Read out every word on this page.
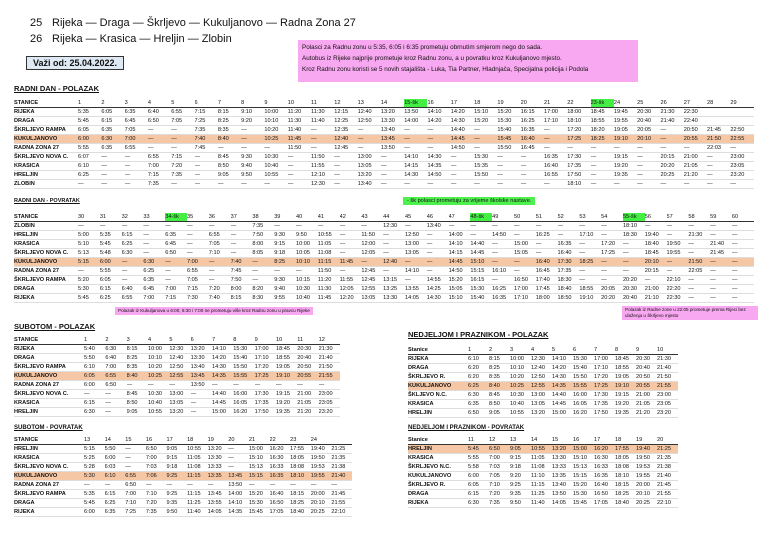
25 Rijeka — Draga — Škrljevo — Kukuljanovo — Radna Zona 27
26 Rijeka — Krasica — Hreljin — Zlobin
Važi od: 25.04.2022.
Polasci za Radnu zonu u 5:35, 6:05 i 6:35 prometuju obrnutim smjerom nego do sada.
Autobus iz Rijeke najprije prometuje kroz Radnu zonu, a u povratku kroz Kukuljanovo mjesto.
Kroz Radnu zonu koristi se 5 novih stajališta - Luka, Tia Partner, Hladnjača, Specijalna policija i Podola
RADNI DAN - POLAZAK
RADNI DAN - POVRATAK	- šk polasci prometuju za vrijeme školske nastave.
SUBOTOM - POLAZAK
SUBOTOM - POVRATAK
NEDJELJOM I PRAZNIKOM - POLAZAK
NEDJELJOM I PRAZNIKOM - POVRATAK
Polazak iz Kukuljanova u 6:00, 6:30 i 7:00 ne prometuju više kroz Radnu zonu u pravcu Rijeke	Polazak iz Radne zone u 22:05 prometuje prema Rijeci bez ulaženja u Škrljevo mjesto
STANICE	1	2	3	4	5	6	7	8	9	10	11	12	13	14	15-šk	16	17	18	19	20	21	22	23-šk	24	25	26	27	28	29
RIJEKA	5:35	6:05	6:35	6:40	6:55	7:15	8:15	9:10	10:00	11:20	11:30	12:15	12:40	13:20	13:50	14:10	14:20	15:10	15:20	16:15	17:00	18:00	18:45	19:45	20:30	21:30	22:30		
DRAGA	5:45	6:15	6:45	6:50	7:05	7:25	8:25	9:20	10:10	11:30	11:40	12:25	12:50	13:30	14:00	14:20	14:30	15:20	15:30	16:25	17:10	18:10	18:55	19:55	20:40	21:40	22:40		
ŠKRLJEVO RAMPA	6:05	6:35	7:05	—	—	7:35	8:35	—	10:20	11:40	—	12:35	—	13:40	—	—	14:40	—	15:40	16:35	—	17:20	18:20	19:05	20:05	—	20:50	21:45	22:50
KUKULJANOVO	6:00	6:30	7:00	—	—	7:40	8:40	—	10:25	11:45	—	12:40	—	13:45	—	—	14:45	—	15:45	16:40	—	17:25	18:25	19:10	20:10	—	20:55	21:50	22:55
RADNA ZONA 27	5:55	6:35	6:55	—	—	7:45	—	—	—	11:50	—	12:45	—	13:50	—	—	14:50	—	15:50	16:45	—	—	—	—	—	—	—	22:03	—
ŠKRLJEVO NOVA C.	6:07	—	—	6:55	7:15	—	8:45	9:30	10:30	—	11:50	—	13:00	—	14:10	14:30	—	15:30	—	—	16:35	17:30	—	19:15	—	20:15	21:00	—	23:00
KRASICA	6:10	—	—	7:00	7:20	—	8:50	9:40	10:40	—	11:55	—	13:05	—	14:15	14:35	—	15:35	—	—	16:40	17:35	—	19:20	—	20:20	21:05	—	23:05
HRELJIN	6:25	—	—	7:15	7:35	—	9:05	9:50	10:55	—	12:10	—	13:20	—	14:30	14:50	—	15:50	—	—	16:55	17:50	—	19:35	—	20:25	21:20	—	23:20
ZLOBIN	—	—	—	7:35	—	—	—	—	—	—	12:30	—	13:40	—	—	—	—	—	—	—	—	18:10	—	—	—	—	—	—	—
STANICE	30	31	32	33	34-šk	35	36	37	38	39	40	41	42	43	44	45	46	47	48-šk	49	50	51	52	53	54	55-šk	56	57	58	59	60
ZLOBIN	—	—	—	—	—	—	—	—	7:35	—	—	—	—	—	12:30	—	13:40	—	—	—	—	—	—	—	—	18:10	—	—	—	—	—
HRELJIN	5:00	5:35	6:15	—	6:35	—	6:55	—	7:50	9:30	9:50	10:55	—	11:50	—	12:50	—	14:00	—	14:50	—	16:25	—	17:10	—	18:30	19:40	—	21:30	—	—
KRASICA	5:10	5:45	6:25	—	6:45	—	7:05	—	8:00	9:15	10:00	11:05	—	12:00	—	13:00	—	14:10	14:40	—	15:00	—	16:35	—	17:20	—	18:40	19:50	—	21:40	—
ŠKRLJEVO NOVA C.	5:13	5:48	6:30	—	6:50	—	7:10	—	8:05	9:18	10:05	11:08	—	12:05	—	13:05	—	14:15	14:45	—	15:05	—	16:40	—	17:25	—	18:45	19:55	—	21:45	—
KUKULJANOVO	5:15	6:00	—	6:30	—	7:00	—	7:40	—	8:25	10:10	11:15	11:45	—	12:40	—	—	14:45	15:10	—	—	16:40	17:30	18:25	—	—	20:10	—	21:50	—	—
RADNA ZONA 27	—	5:55	—	6:25	—	6:55	—	7:45	—	—	—	11:50	—	12:45	—	14:10	—	14:50	15:15	16:10	—	16:45	17:35	—	—	—	20:15	—	22:05	—	—
ŠKRLJEVO RAMPA	5:20	6:05	—	6:35	—	7:05	—	7:50	—	9:30	10:15	11:20	11:55	12:45	13:15	—	14:55	15:20	16:15	—	16:50	17:40	18:30	—	—	20:20	—	22:10	—	—	—
DRAGA	5:30	6:15	6:40	6:45	7:00	7:15	7:20	8:00	8:20	9:40	10:30	11:30	12:05	12:55	13:25	13:55	14:25	15:05	15:30	16:25	17:00	17:45	18:40	18:55	20:05	20:30	21:00	22:20	—	—	—
RIJEKA	5:45	6:25	6:55	7:00	7:15	7:30	7:40	8:15	8:30	9:55	10:40	11:45	12:20	13:05	13:30	14:05	14:30	15:10	15:40	16:35	17:10	18:00	18:50	19:10	20:20	20:40	21:10	22:30	—	—	—
STANICE	1	2	3	4	5	6	7	8	9	10	11	12
RIJEKA	5:40	6:30	8:15	10:00	12:30	13:20	14:10	15:30	17:00	18:45	20:30	21:30
DRAGA	5:50	6:40	8:25	10:10	12:40	13:30	14:20	15:40	17:10	18:55	20:40	21:40
ŠKRLJEVO RAMPA	6:10	7:00	8:35	10:20	12:50	13:40	14:30	15:50	17:20	19:05	20:50	21:50
KUKULJANOVO	6:05	6:55	8:40	10:25	12:55	13:45	14:35	15:55	17:25	19:10	20:55	21:55
RADNA ZONA 27	6:00	6:50	—	—	—	13:50	—	—	—	—	—	—
ŠKRLJEVO NOVA C.	—	—	8:45	10:30	13:00	—	14:40	16:00	17:30	19:15	21:00	23:00
KRASICA	6:15	—	8:50	10:40	13:05	—	14:45	16:05	17:35	19:20	21:05	23:05
HRELJIN	6:30	—	9:05	10:55	13:20	—	15:00	16:20	17:50	19:35	21:20	23:20
STANICE	13	14	15	16	17	18	19	20	21	22	23	24	
HRELJIN	5:15	5:50	—	6:50	9:05	10:55	13:20	—	15:00	16:20	17:55	19:40	21:25
KRASICA	5:25	6:00	—	7:00	9:15	11:05	13:30	—	15:10	16:30	18:05	19:50	21:35
ŠKRLJEVO NOVA C.	5:28	6:03	—	7:03	9:18	11:08	13:33	—	15:13	16:33	18:08	19:53	21:38
KUKULJANOVO	5:30	6:10	6:55	7:06	9:25	11:15	13:35	13:45	15:15	16:35	18:10	19:55	21:40
RADNA ZONA 27	—	—	6:50	—	—	—	—	13:50	—	—	—	—	—
ŠKRLJEVO RAMPA	5:35	6:15	7:00	7:10	9:25	11:15	13:45	14:00	15:20	16:40	18:15	20:00	21:45
DRAGA	5:45	6:25	7:10	7:20	9:35	11:25	13:55	14:10	15:30	16:50	18:25	20:10	21:55
RIJEKA	6:00	6:35	7:25	7:35	9:50	11:40	14:05	14:35	15:45	17:05	18:40	20:25	22:10
Stanice	1	2	3	4	5	6	7	8	9	10
RIJEKA	6:10	8:15	10:00	12:30	14:10	15:30	17:00	18:45	20:30	21:30
DRAGA	6:20	8:25	10:10	12:40	14:20	15:40	17:10	18:55	20:40	21:40
ŠKRLJEVO R.	6:20	8:35	10:20	12:50	14:30	15:50	17:20	19:05	20:50	21:50
KUKULJANOVO	6:25	8:40	10:25	12:55	14:35	15:55	17:25	19:10	20:55	21:55
ŠKLJEVO N.C.	6:30	8:45	10:30	13:00	14:40	16:00	17:30	19:15	21:00	23:00
KRASICA	6:35	8:50	10:40	13:05	14:45	16:05	17:35	19:20	21:05	23:05
HRELJIN	6:50	9:05	10:55	13:20	15:00	16:20	17:50	19:35	21:20	23:20
Stanice	11	12	13	14	15	16	17	18	19	20
HRELJIN	5:45	6:50	9:05	10:55	13:20	15:00	16:20	17:55	19:40	21:25
KRASICA	5:55	7:00	9:15	11:05	13:30	15:10	16:30	18:05	19:50	21:35
ŠKRLJEVO N.C.	5:58	7:03	9:18	11:08	13:33	15:13	16:33	18:08	19:53	21:38
KUKULJANOVO	6:00	7:05	9:20	11:10	13:35	15:15	16:35	18:10	19:55	21:40
ŠKRLJEVO R.	6:05	7:10	9:25	11:15	13:40	15:20	16:40	18:15	20:00	21:45
DRAGA	6:15	7:20	9:35	11:25	13:50	15:30	16:50	18:25	20:10	21:55
RIJEKA	6:30	7:35	9:50	11:40	14:05	15:45	17:05	18:40	20:25	22:10
